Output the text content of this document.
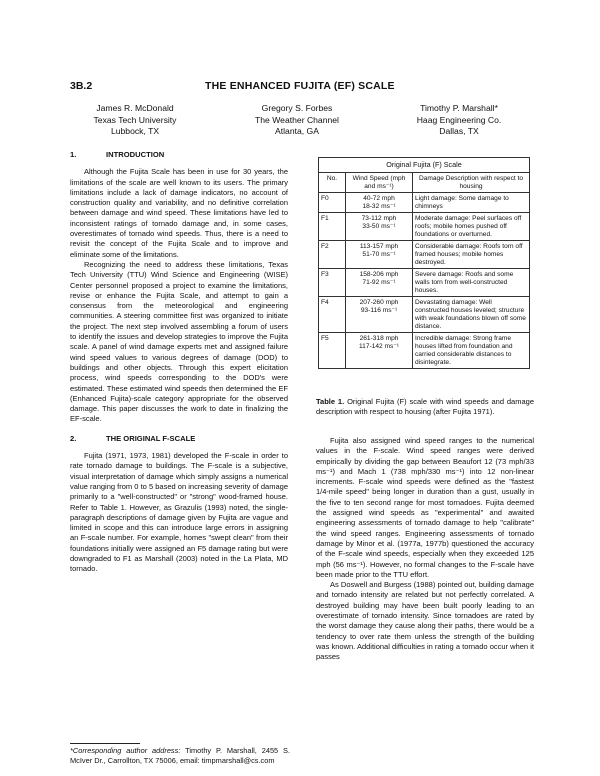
3B.2	THE ENHANCED FUJITA (EF) SCALE
James R. McDonald
Texas Tech University
Lubbock, TX
Gregory S. Forbes
The Weather Channel
Atlanta, GA
Timothy P. Marshall*
Haag Engineering Co.
Dallas, TX
1.	INTRODUCTION

Although the Fujita Scale has been in use for 30 years, the limitations of the scale are well known to its users. The primary limitations include a lack of damage indicators, no account of construction quality and variability, and no definitive correlation between damage and wind speed. These limitations have led to inconsistent ratings of tornado damage and, in some cases, overestimates of tornado wind speeds. Thus, there is a need to revisit the concept of the Fujita Scale and to improve and eliminate some of the limitations.

Recognizing the need to address these limitations, Texas Tech University (TTU) Wind Science and Engineering (WISE) Center personnel proposed a project to examine the limitations, revise or enhance the Fujita Scale, and attempt to gain a consensus from the meteorological and engineering communities. A steering committee first was organized to initiate the project. The next step involved assembling a forum of users to identify the issues and develop strategies to improve the Fujita scale. A panel of wind damage experts met and assigned failure wind speed values to various degrees of damage (DOD) to buildings and other objects. Through this expert elicitation process, wind speeds corresponding to the DOD's were estimated. These estimated wind speeds then determined the EF (Enhanced Fujita)-scale category appropriate for the observed damage. This paper discusses the work to date in finalizing the EF-scale.

2.	THE ORIGINAL F-SCALE

Fujita (1971, 1973, 1981) developed the F-scale in order to rate tornado damage to buildings. The F-scale is a subjective, visual interpretation of damage which simply assigns a numerical value ranging from 0 to 5 based on increasing severity of damage primarily to a "well-constructed" or "strong" wood-framed house. Refer to Table 1. However, as Grazulis (1993) noted, the single-paragraph descriptions of damage given by Fujita are vague and limited in scope and this can introduce large errors in assigning an F-scale number. For example, homes "swept clean" from their foundations initially were assigned an F5 damage rating but were downgraded to F1 as Marshall (2003) noted in the La Plata, MD tornado.

*Corresponding author address: Timothy P. Marshall, 2455 S. McIver Dr., Carrollton, TX 75006, email: timpmarshall@cs.com
Original Fujita (F) Scale		
No.	Wind Speed (mph and ms⁻¹)	Damage Description with respect to housing
F0	40-72 mph
18-32 ms⁻¹	Light damage: Some damage to chimneys
F1	73-112 mph
33-50 ms⁻¹	Moderate damage: Peel surfaces off roofs; mobile homes pushed off foundations or overturned.
F2	113-157 mph
51-70 ms⁻¹	Considerable damage: Roofs torn off framed houses; mobile homes destroyed.
F3	158-206 mph
71-92 ms⁻¹	Severe damage: Roofs and some walls torn from well-constructed houses.
F4	207-260 mph
93-116 ms⁻¹	Devastating damage: Well constructed houses leveled; structure with weak foundations blown off some distance.
F5	261-318 mph
117-142 ms⁻¹	Incredible damage: Strong frame houses lifted from foundation and carried considerable distances to disintegrate.
Table 1. Original Fujita (F) scale with wind speeds and damage description with respect to housing (after Fujita 1971).

Fujita also assigned wind speed ranges to the numerical values in the F-scale. Wind speed ranges were derived empirically by dividing the gap between Beaufort 12 (73 mph/33 ms⁻¹) and Mach 1 (738 mph/330 ms⁻¹) into 12 non-linear increments. F-scale wind speeds were defined as the "fastest 1/4-mile speed" being longer in duration than a gust, usually in the five to ten second range for most tornadoes. Fujita deemed the assigned wind speeds as "experimental" and awaited engineering assessments of tornado damage to help "calibrate" the wind speed ranges. Engineering assessments of tornado damage by Minor et al. (1977a, 1977b) questioned the accuracy of the F-scale wind speeds, especially when they exceeded 125 mph (56 ms⁻¹). However, no formal changes to the F-scale have been made prior to the TTU effort.

As Doswell and Burgess (1988) pointed out, building damage and tornado intensity are related but not perfectly correlated. A destroyed building may have been built poorly leading to an overestimate of tornado intensity. Since tornadoes are rated by the worst damage they cause along their paths, there would be a tendency to over rate them unless the strength of the building was known. Additional difficulties in rating a tornado occur when it passes
